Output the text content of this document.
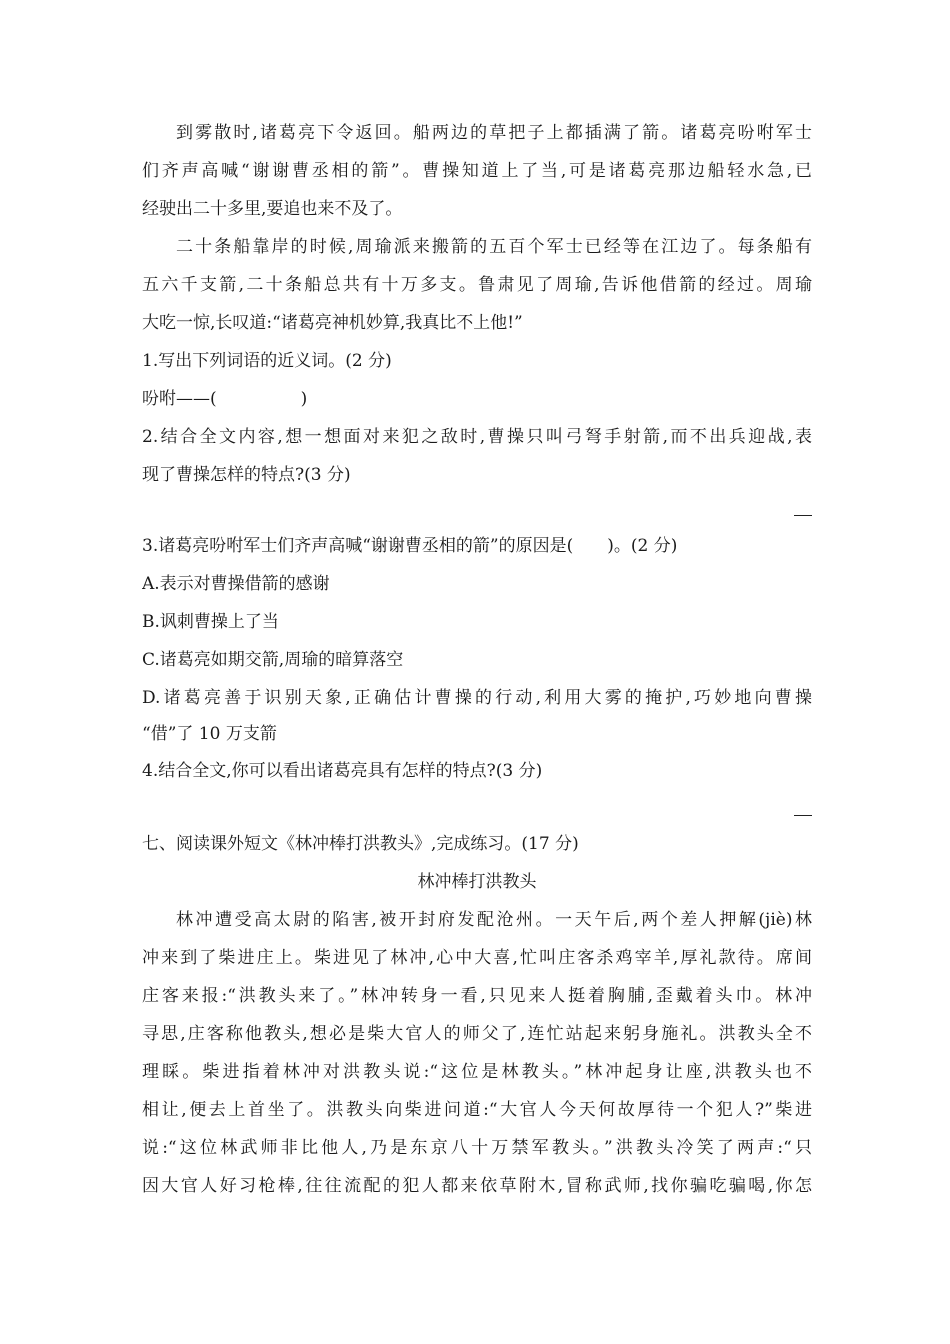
到雾散时,诸葛亮下令返回。船两边的草把子上都插满了箭。诸葛亮吩咐军士
们齐声高喊“谢谢曹丞相的箭”。曹操知道上了当,可是诸葛亮那边船轻水急,已
经驶出二十多里,要追也来不及了。
二十条船靠岸的时候,周瑜派来搬箭的五百个军士已经等在江边了。每条船有
五六千支箭,二十条船总共有十万多支。鲁肃见了周瑜,告诉他借箭的经过。周瑜
大吃一惊,长叹道:“诸葛亮神机妙算,我真比不上他!”
1.写出下列词语的近义词。(2 分)
吩咐——(	)
2.结合全文内容,想一想面对来犯之敌时,曹操只叫弓弩手射箭,而不出兵迎战,表
现了曹操怎样的特点?(3 分)
3.诸葛亮吩咐军士们齐声高喊“谢谢曹丞相的箭”的原因是( )。(2 分)
A.表示对曹操借箭的感谢
B.讽刺曹操上了当
C.诸葛亮如期交箭,周瑜的暗算落空
D.诸葛亮善于识别天象,正确估计曹操的行动,利用大雾的掩护,巧妙地向曹操
“借”了 10 万支箭
4.结合全文,你可以看出诸葛亮具有怎样的特点?(3 分)
七、阅读课外短文《林冲棒打洪教头》,完成练习。(17 分)
林冲棒打洪教头
林冲遭受高太尉的陷害,被开封府发配沧州。一天午后,两个差人押解(jiè)林
冲来到了柴进庄上。柴进见了林冲,心中大喜,忙叫庄客杀鸡宰羊,厚礼款待。席间
庄客来报:“洪教头来了。”林冲转身一看,只见来人挺着胸脯,歪戴着头巾。林冲
寻思,庄客称他教头,想必是柴大官人的师父了,连忙站起来躬身施礼。洪教头全不
理睬。柴进指着林冲对洪教头说:“这位是林教头。”林冲起身让座,洪教头也不
相让,便去上首坐了。洪教头向柴进问道:“大官人今天何故厚待一个犯人?”柴进
说:“这位林武师非比他人,乃是东京八十万禁军教头。”洪教头冷笑了两声:“只
因大官人好习枪棒,往往流配的犯人都来依草附木,冒称武师,找你骗吃骗喝,你怎
